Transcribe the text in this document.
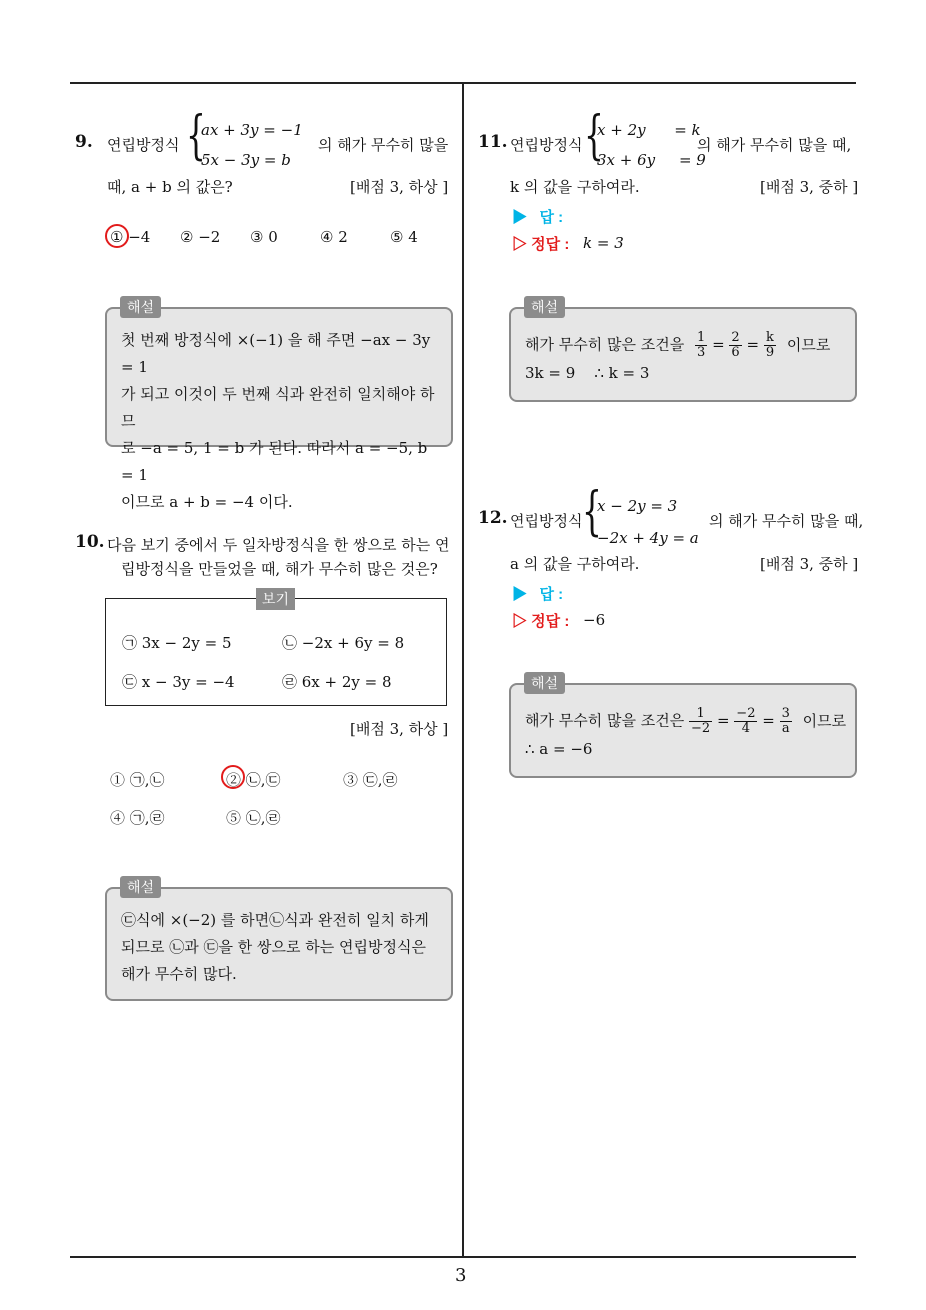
3
9. 연립방정식 {
ax + 3y = −1
5x − 3y = b
의 해가 무수히 많을
때, a + b 의 값은?	[배점 3, 하상 ]
① −4 ② −2 ③ 0	④ 2	⑤ 4
첫 번째 방정식에 ×(−1) 을 해 주면 −ax − 3y = 1
가 되고 이것이 두 번째 식과 완전히 일치해야 하므
로 −a = 5, 1 = b 가 된다. 따라서 a = −5, b = 1
이므로 a + b = −4 이다.
해설
10. 다음 보기 중에서 두 일차방정식을 한 쌍으로 하는 연
립방정식을 만들었을 때, 해가 무수히 많은 것은?
보기
㉠ 3x − 2y = 5	㉡ −2x + 6y = 8
㉢ x − 3y = −4	㉣ 6x + 2y = 8
[배점 3, 하상 ]
① ㉠,㉡	② ㉡,㉢	③ ㉢,㉣
④ ㉠,㉣	⑤ ㉡,㉣
㉢식에 ×(−2) 를 하면㉡식과 완전히 일치 하게
되므로 ㉡과 ㉢을 한 쌍으로 하는 연립방정식은
해가 무수히 많다.
해설
11. 연립방정식 {
x + 2y      = k
3x + 6y     = 9
의 해가 무수히 많을 때,
k 의 값을 구하여라.	[배점 3, 중하 ]
▶   답 :
▷ 정답 : k = 3
해가 무수히 많은 조건을 $\frac{1}{3} = \frac{2}{6} = \frac{k}{9}$ 이므로
3k = 9    ∴ k = 3
해설
12. 연립방정식 {
x − 2y = 3
−2x + 4y = a
의 해가 무수히 많을 때,
a 의 값을 구하여라.	[배점 3, 중하 ]
▶   답 :
▷ 정답 : −6
해가 무수히 많을 조건은 $\frac{1}{-2} = \frac{-2}{4} = \frac{3}{a}$ 이므로
∴ a = −6
해설
